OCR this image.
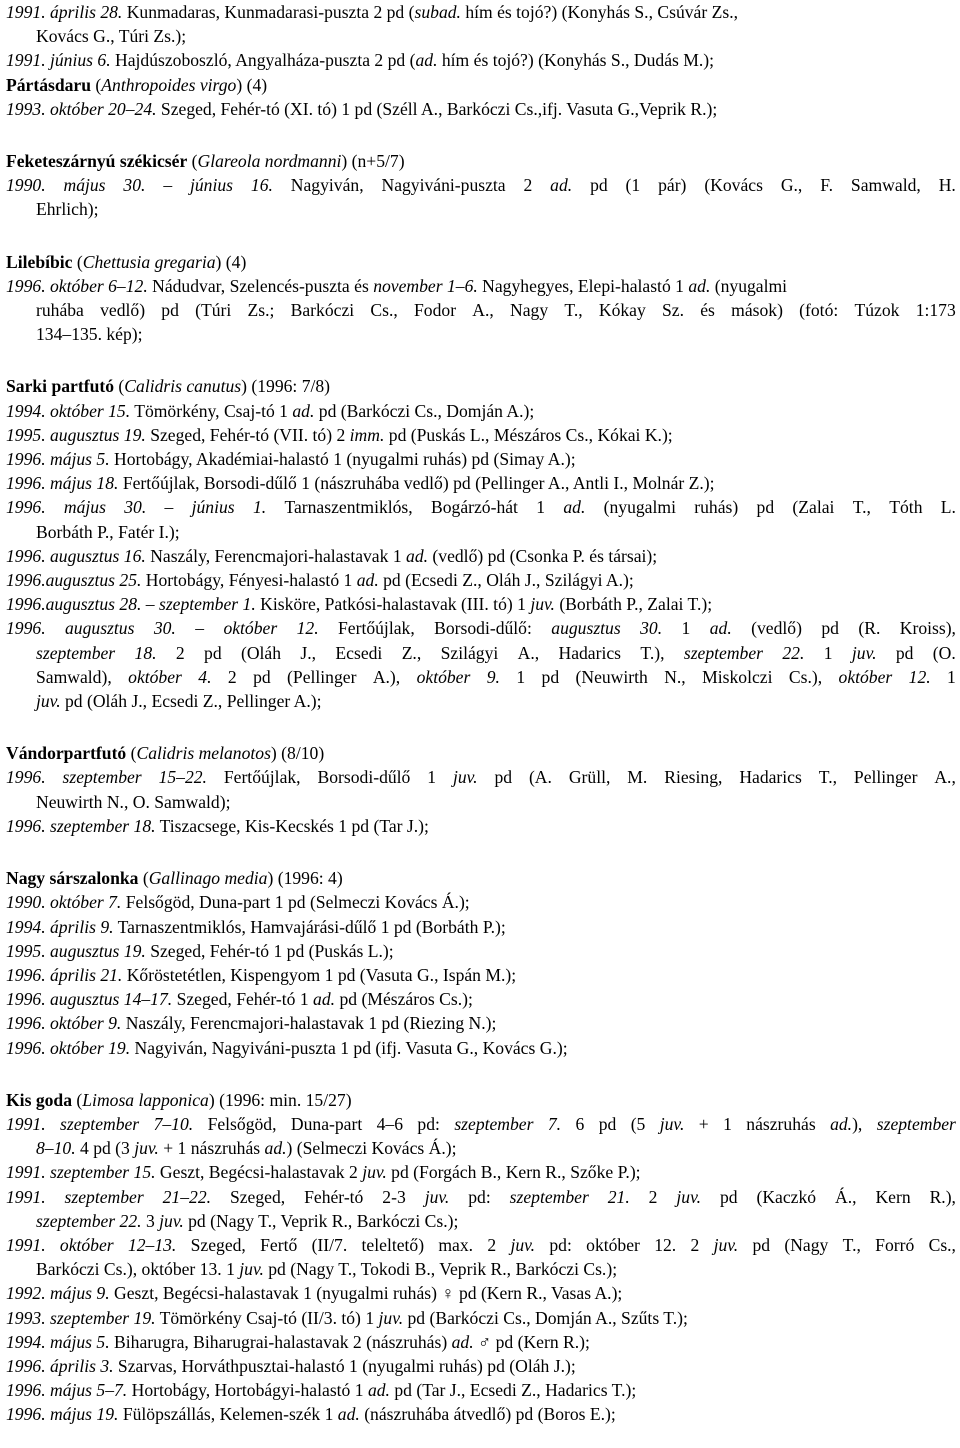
1991. április 28. Kunmadaras, Kunmadarasi-puszta 2 pd (subad. hím és tojó?) (Konyhás S., Csúvár Zs.,
Kovács G., Túri Zs.);
1991. június 6. Hajdúszoboszló, Angyalháza-puszta 2 pd (ad. hím és tojó?) (Konyhás S., Dudás M.);
Pártásdaru (Anthropoides virgo) (4)
1993. október 20–24. Szeged, Fehér-tó (XI. tó) 1 pd (Széll A., Barkóczi Cs.,ifj. Vasuta G.,Veprik R.);
Feketeszárnyú székicsér (Glareola nordmanni) (n+5/7)
1990. május 30. – június 16. Nagyiván, Nagyiváni-puszta 2 ad. pd (1 pár) (Kovács G., F. Samwald, H.
Ehrlich);
Lilebíbic (Chettusia gregaria) (4)
1996. október 6–12. Nádudvar, Szelencés-puszta és november 1–6. Nagyhegyes, Elepi-halastó 1 ad. (nyugalmi
ruhába vedlő) pd (Túri Zs.; Barkóczi Cs., Fodor A., Nagy T., Kókay Sz. és mások) (fotó: Túzok 1:173
134–135. kép);
Sarki partfutó (Calidris canutus) (1996: 7/8)
1994. október 15. Tömörkény, Csaj-tó 1 ad. pd (Barkóczi Cs., Domján A.);
1995. augusztus 19. Szeged, Fehér-tó (VII. tó) 2 imm. pd (Puskás L., Mészáros Cs., Kókai K.);
1996. május 5. Hortobágy, Akadémiai-halastó 1 (nyugalmi ruhás) pd (Simay A.);
1996. május 18. Fertőújlak, Borsodi-dűlő 1 (nászruhába vedlő) pd (Pellinger A., Antli I., Molnár Z.);
1996. május 30. – június 1. Tarnaszentmiklós, Bogárzó-hát 1 ad. (nyugalmi ruhás) pd (Zalai T., Tóth L.
Borbáth P., Fatér I.);
1996. augusztus 16. Naszály, Ferencmajori-halastavak 1 ad. (vedlő) pd (Csonka P. és társai);
1996.augusztus 25. Hortobágy, Fényesi-halastó 1 ad. pd (Ecsedi Z., Oláh J., Szilágyi A.);
1996.augusztus 28. – szeptember 1. Kisköre, Patkósi-halastavak (III. tó) 1 juv. (Borbáth P., Zalai T.);
1996. augusztus 30. – október 12. Fertőújlak, Borsodi-dűlő: augusztus 30. 1 ad. (vedlő) pd (R. Kroiss),
szeptember 18. 2 pd (Oláh J., Ecsedi Z., Szilágyi A., Hadarics T.), szeptember 22. 1 juv. pd (O.
Samwald), október 4. 2 pd (Pellinger A.), október 9. 1 pd (Neuwirth N., Miskolczi Cs.), október 12. 1
juv. pd (Oláh J., Ecsedi Z., Pellinger A.);
Vándorpartfutó (Calidris melanotos) (8/10)
1996. szeptember 15–22. Fertőújlak, Borsodi-dűlő 1 juv. pd (A. Grüll, M. Riesing, Hadarics T., Pellinger A.,
Neuwirth N., O. Samwald);
1996. szeptember 18. Tiszacsege, Kis-Kecskés 1 pd (Tar J.);
Nagy sárszalonka (Gallinago media) (1996: 4)
1990. október 7. Felsőgöd, Duna-part 1 pd (Selmeczi Kovács Á.);
1994. április 9. Tarnaszentmiklós, Hamvajárási-dűlő 1 pd (Borbáth P.);
1995. augusztus 19. Szeged, Fehér-tó 1 pd (Puskás L.);
1996. április 21. Kőröstetétlen, Kispengyom 1 pd (Vasuta G., Ispán M.);
1996. augusztus 14–17. Szeged, Fehér-tó 1 ad. pd (Mészáros Cs.);
1996. október 9. Naszály, Ferencmajori-halastavak 1 pd (Riezing N.);
1996. október 19. Nagyiván, Nagyiváni-puszta 1 pd (ifj. Vasuta G., Kovács G.);
Kis goda (Limosa lapponica) (1996: min. 15/27)
1991. szeptember 7–10. Felsőgöd, Duna-part 4–6 pd: szeptember 7. 6 pd (5 juv. + 1 nászruhás ad.), szeptember
8–10. 4 pd (3 juv. + 1 nászruhás ad.) (Selmeczi Kovács Á.);
1991. szeptember 15. Geszt, Begécsi-halastavak 2 juv. pd (Forgách B., Kern R., Szőke P.);
1991. szeptember 21–22. Szeged, Fehér-tó 2-3 juv. pd: szeptember 21. 2 juv. pd (Kaczkó Á., Kern R.),
szeptember 22. 3 juv. pd (Nagy T., Veprik R., Barkóczi Cs.);
1991. október 12–13. Szeged, Fertő (II/7. teleltető) max. 2 juv. pd: október 12. 2 juv. pd (Nagy T., Forró Cs.,
Barkóczi Cs.), október 13. 1 juv. pd (Nagy T., Tokodi B., Veprik R., Barkóczi Cs.);
1992. május 9. Geszt, Begécsi-halastavak 1 (nyugalmi ruhás) ♀ pd (Kern R., Vasas A.);
1993. szeptember 19. Tömörkény Csaj-tó (II/3. tó) 1 juv. pd (Barkóczi Cs., Domján A., Szűts T.);
1994. május 5. Biharugra, Biharugrai-halastavak 2 (nászruhás) ad. ♂ pd (Kern R.);
1996. április 3. Szarvas, Horváthpusztai-halastó 1 (nyugalmi ruhás) pd (Oláh J.);
1996. május 5–7. Hortobágy, Hortobágyi-halastó 1 ad. pd (Tar J., Ecsedi Z., Hadarics T.);
1996. május 19. Fülöpszállás, Kelemen-szék 1 ad. (nászruhába átvedlő) pd (Boros E.);
